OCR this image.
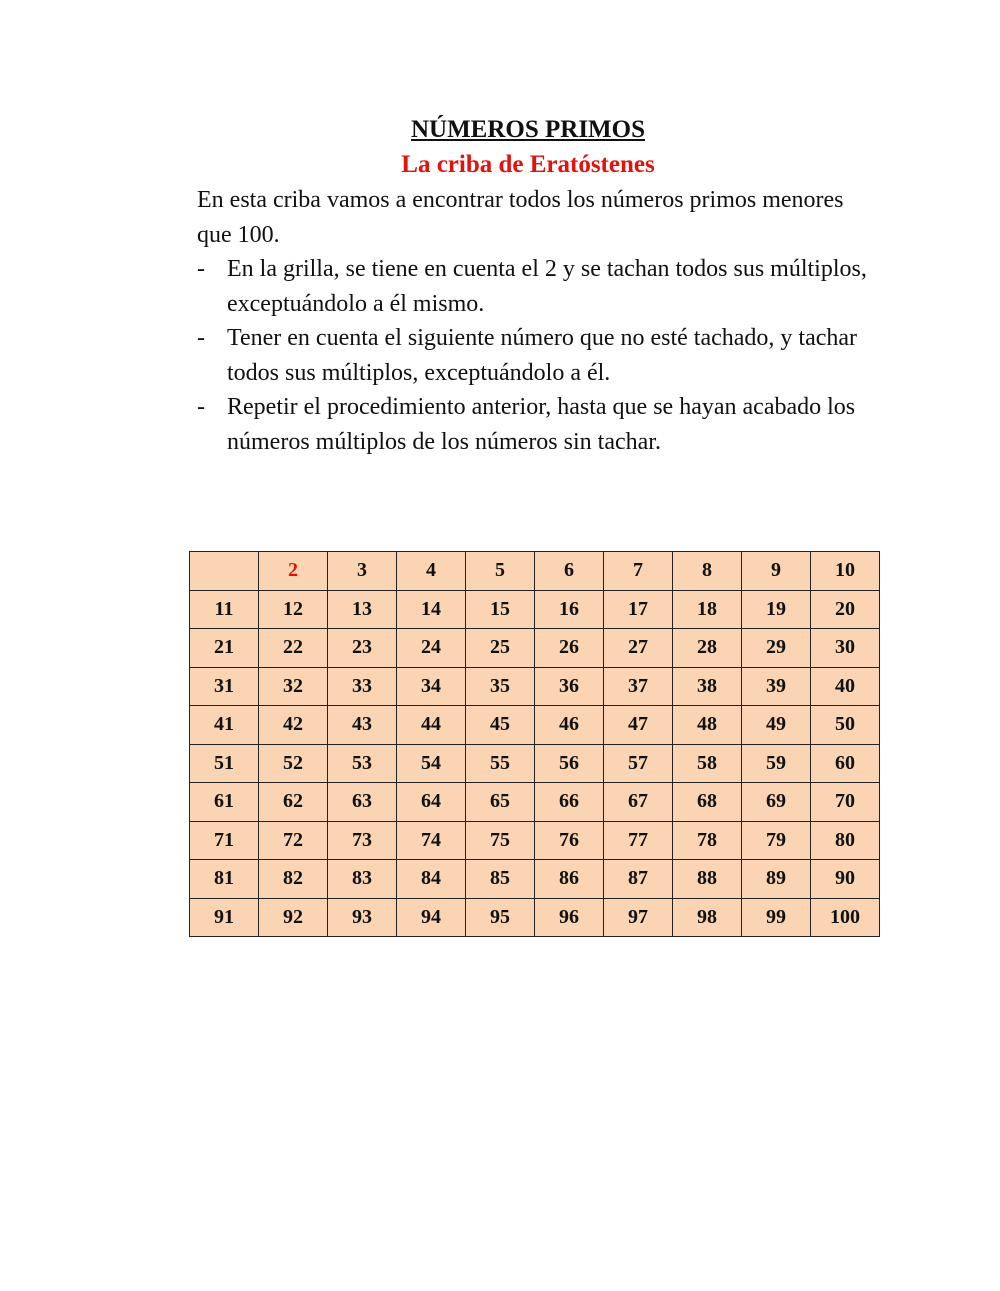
NÚMEROS PRIMOS
La criba de Eratóstenes

En esta criba vamos a encontrar todos los números primos menores que 100.

- En la grilla, se tiene en cuenta el 2 y se tachan todos sus múltiplos, exceptuándolo a él mismo.
- Tener en cuenta el siguiente número que no esté tachado, y tachar todos sus múltiplos, exceptuándolo a él.
- Repetir el procedimiento anterior, hasta que se hayan acabado los números múltiplos de los números sin tachar.
	2	3	4	5	6	7	8	9	10
11	12	13	14	15	16	17	18	19	20
21	22	23	24	25	26	27	28	29	30
31	32	33	34	35	36	37	38	39	40
41	42	43	44	45	46	47	48	49	50
51	52	53	54	55	56	57	58	59	60
61	62	63	64	65	66	67	68	69	70
71	72	73	74	75	76	77	78	79	80
81	82	83	84	85	86	87	88	89	90
91	92	93	94	95	96	97	98	99	100
